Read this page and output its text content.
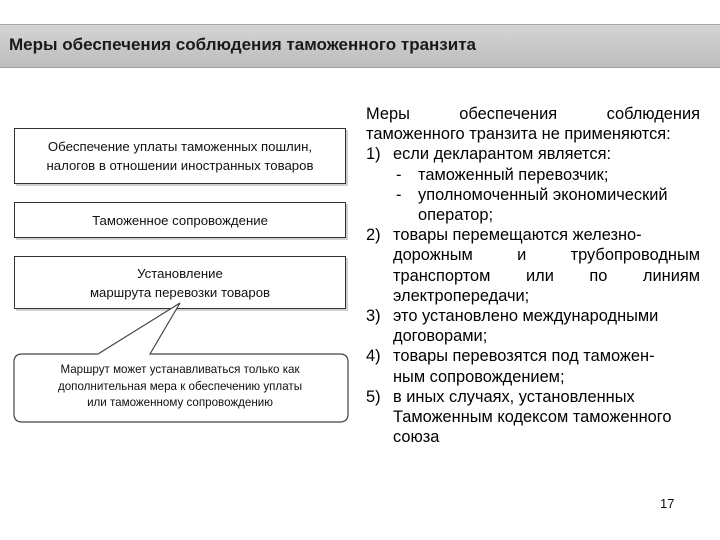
Меры обеспечения соблюдения таможенного транзита
Обеспечение уплаты таможенных пошлин,
налогов в отношении иностранных товаров
Таможенное сопровождение
Установление
маршрута перевозки товаров
Маршрут может устанавливаться только как
дополнительная мера к обеспечению уплаты
или таможенному сопровождению
Меры обеспечения соблюдения
таможенного транзита не применяются:
1) если декларантом является:
-	таможенный перевозчик;
-	уполномоченный экономический
оператор;
2) товары перемещаются железно-
дорожным и трубопроводным
транспортом или по линиям
электропередачи;
3) это установлено международными
договорами;
4) товары перевозятся под таможен-
ным сопровождением;
5) в иных случаях, установленных
Таможенным кодексом таможенного
союза
17
